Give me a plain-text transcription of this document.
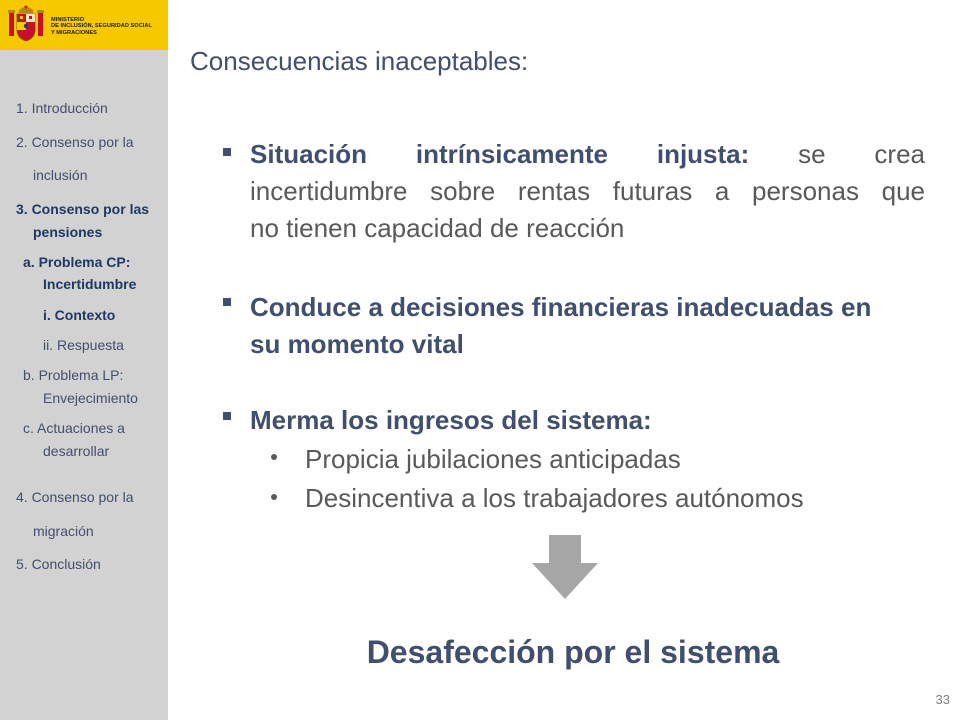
MINISTERIO
DE INCLUSIÓN, SEGURIDAD SOCIAL
Y MIGRACIONES
1. Introducción
2. Consenso por la
inclusión
3. Consenso por las
pensiones
a. Problema CP:
Incertidumbre
i. Contexto
ii. Respuesta
b. Problema LP:
Envejecimiento
c. Actuaciones a
desarrollar
4. Consenso por la
migración
5. Conclusión
Consecuencias inaceptables:
Situación intrínsicamente injusta: se crea
incertidumbre sobre rentas futuras a personas que
no tienen capacidad de reacción
Conduce a decisiones financieras inadecuadas en
su momento vital
Merma los ingresos del sistema:
Propicia jubilaciones anticipadas
Desincentiva a los trabajadores autónomos
Desafección por el sistema
33
